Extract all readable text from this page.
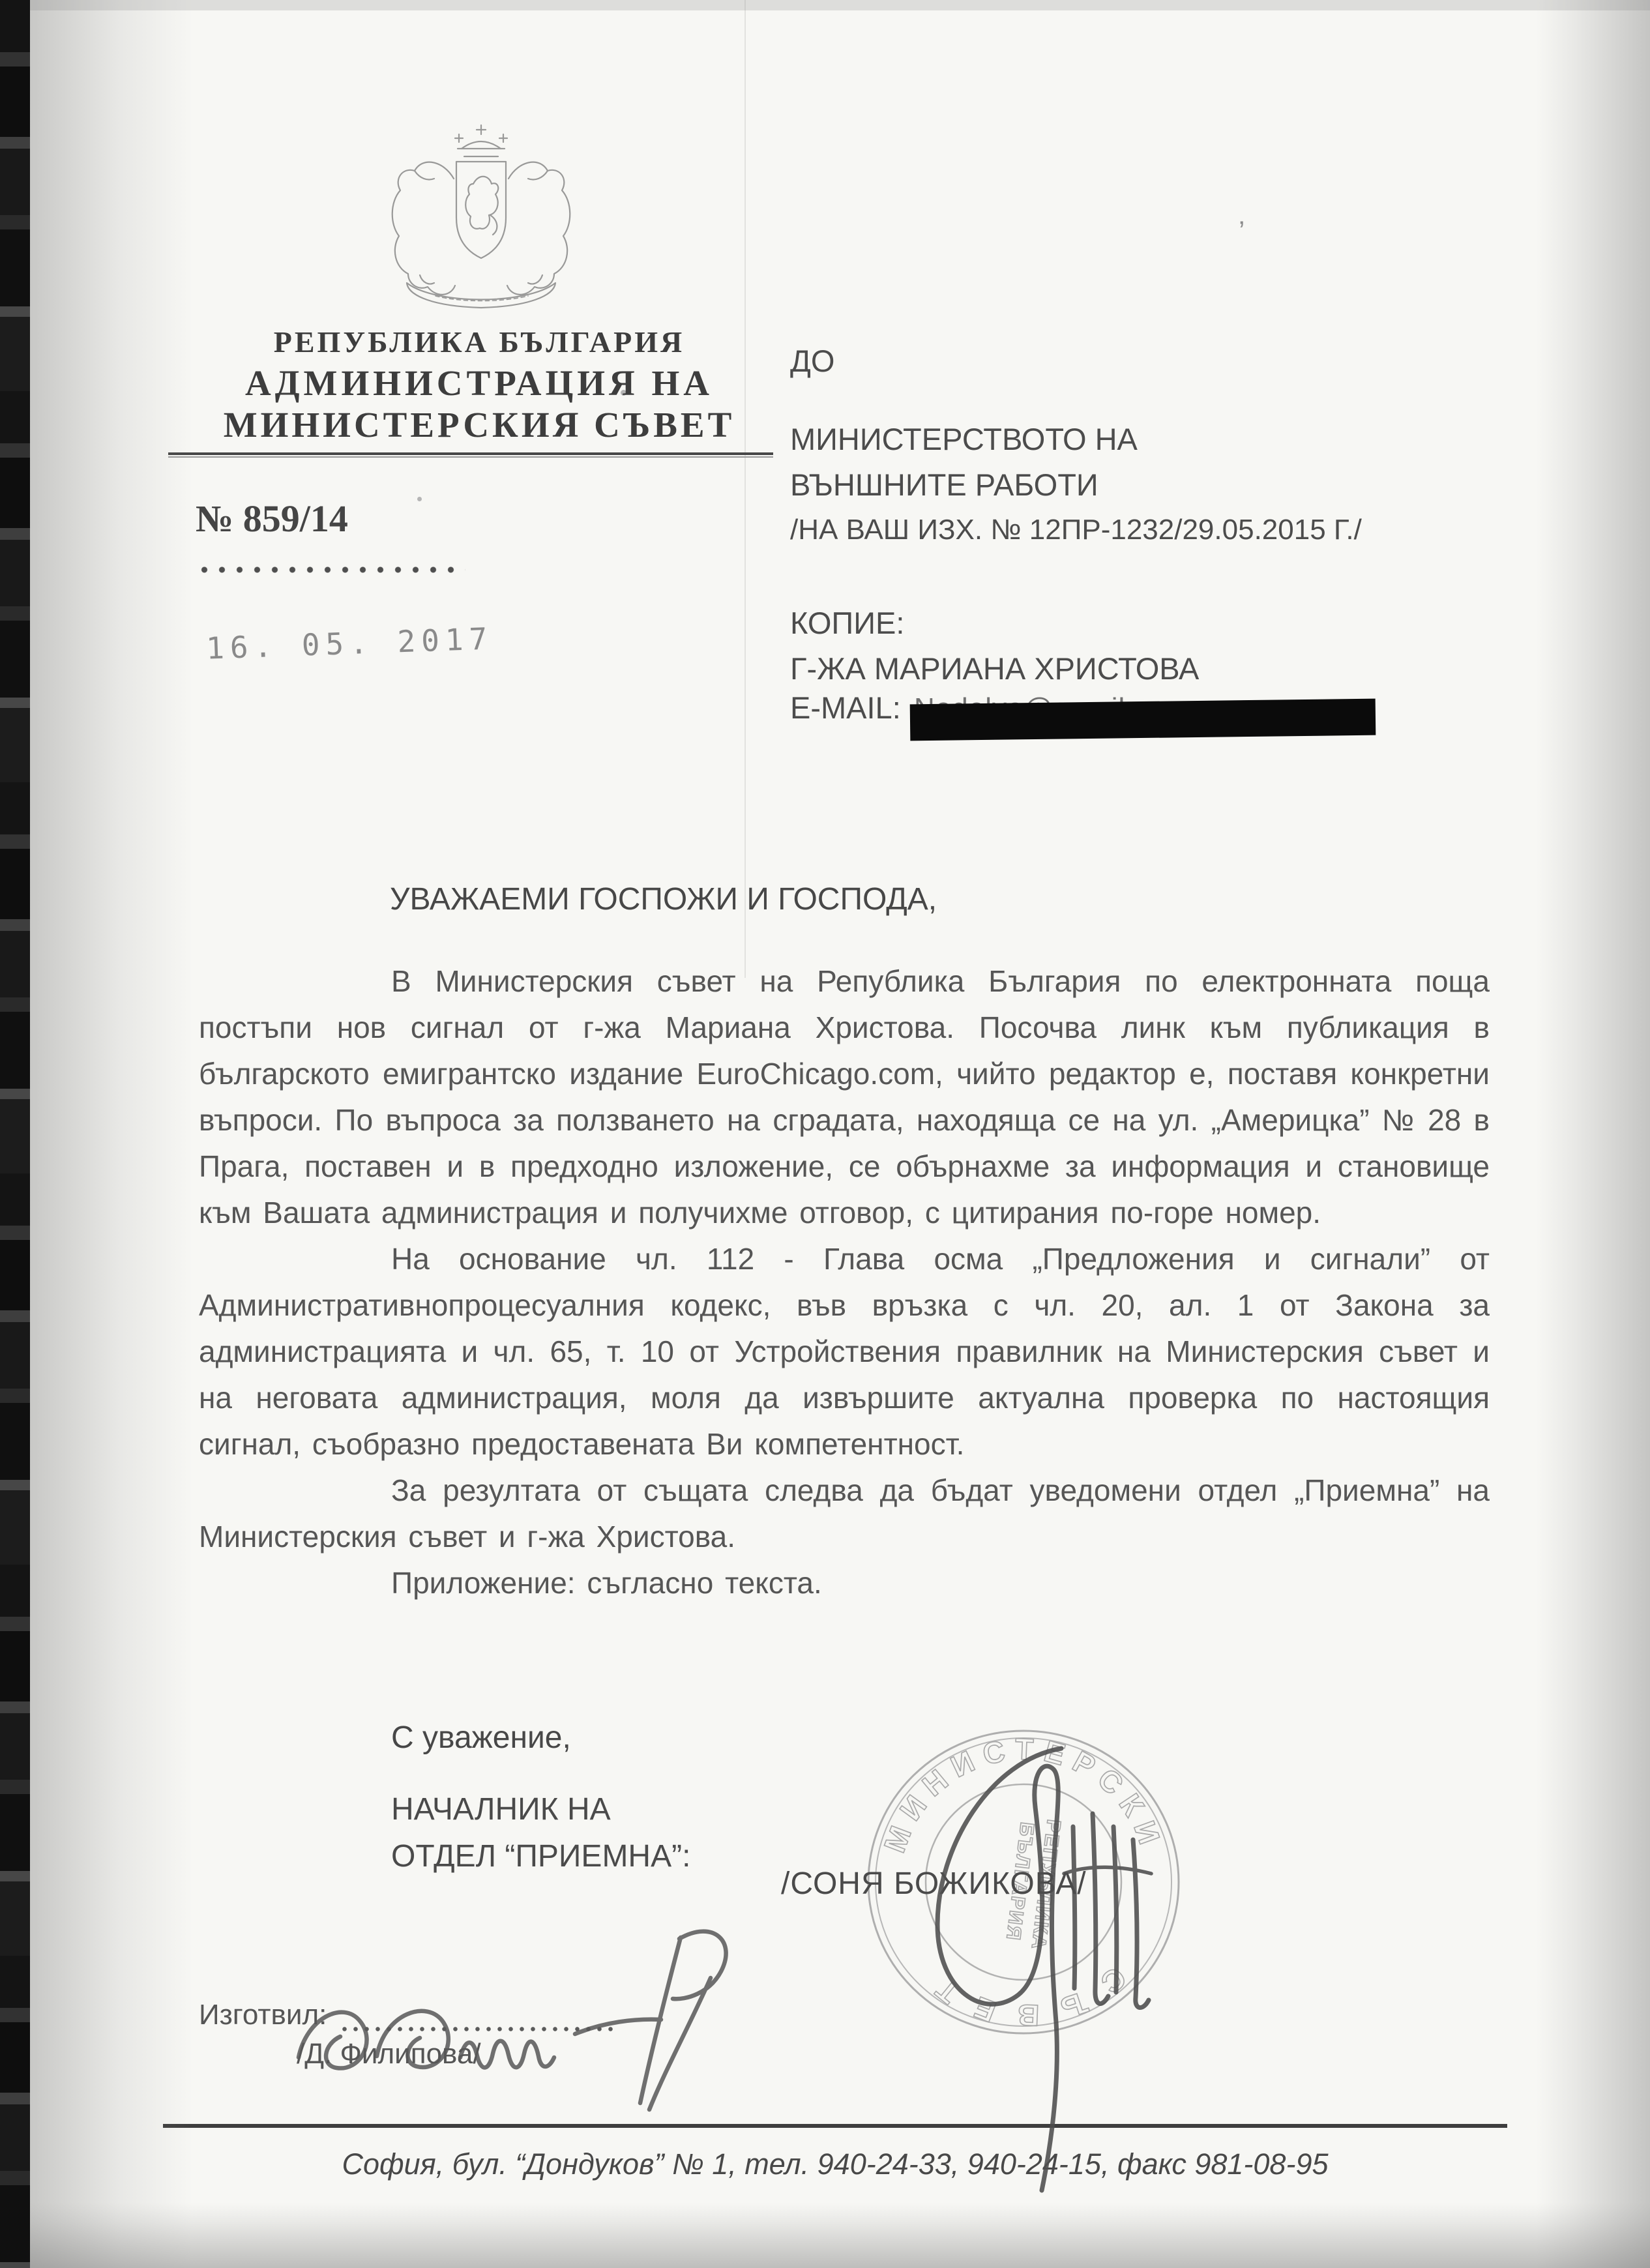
’
РЕПУБЛИКА БЪЛГАРИЯ
АДМИНИСТРАЦИЯ НА
МИНИСТЕРСКИЯ СЪВЕТ
№ 859/14
16. 05. 2017
ДО
МИНИСТЕРСТВОТО НА
ВЪНШНИТЕ РАБОТИ
/НА ВАШ ИЗХ. № 12ПР-1232/29.05.2015 Г./
КОПИЕ:
Г-ЖА МАРИАНА ХРИСТОВА
E-MAIL:
УВАЖАЕМИ ГОСПОЖИ И ГОСПОДА,

В Министерския съвет на Република България по електронната поща постъпи нов сигнал от г-жа Мариана Христова. Посочва линк към публикация в българското емигрантско издание EuroChicago.com, чийто редактор е, поставя конкретни въпроси. По въпроса за ползването на сградата, находяща се на ул. „Америцка” № 28 в Прага, поставен и в предходно изложение, се обърнахме за информация и становище към Вашата администрация и получихме отговор, с цитирания по-горе номер.

На основание чл. 112 - Глава осма „Предложения и сигнали” от Административнопроцесуалния кодекс, във връзка с чл. 20, ал. 1 от Закона за администрацията и чл. 65, т. 10 от Устройствения правилник на Министерския съвет и на неговата администрация, моля да извършите актуална проверка по настоящия сигнал, съобразно предоставената Ви компетентност.

За резултата от същата следва да бъдат уведомени отдел „Приемна” на Министерския съвет и г-жа Христова.

Приложение: съгласно текста.

С уважение,
НАЧАЛНИК НА
ОТДЕЛ “ПРИЕМНА”:
/СОНЯ БОЖИКОВА/
МИНИСТЕРСКИ
СЪВЕТ
РЕПУБЛИКА
БЪЛГАРИЯ
Изготвил:
/Д. Филипова/
София, бул. “Дондуков” № 1, тел. 940-24-33, 940-24-15, факс 981-08-95
